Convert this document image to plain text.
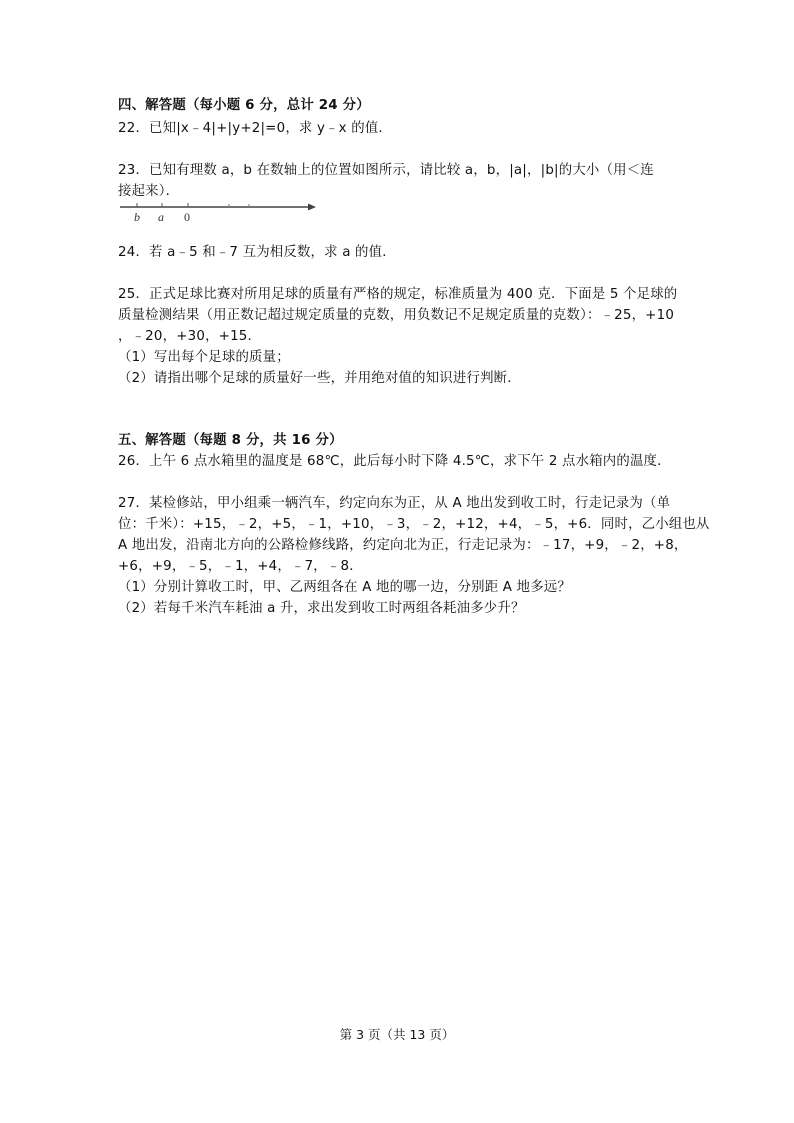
四、解答题（每小题 6 分，总计 24 分）
22．已知|x﹣4|+|y+2|=0，求 y﹣x 的值．
23．已知有理数 a，b 在数轴上的位置如图所示，请比较 a，b，|a|，|b|的大小（用＜连
接起来）．
b a 0
24．若 a﹣5 和﹣7 互为相反数，求 a 的值．
25．正式足球比赛对所用足球的质量有严格的规定，标准质量为 400 克．下面是 5 个足球的
质量检测结果（用正数记超过规定质量的克数，用负数记不足规定质量的克数）：﹣25，+10
，﹣20，+30，+15．
（1）写出每个足球的质量；
（2）请指出哪个足球的质量好一些，并用绝对值的知识进行判断．
五、解答题（每题 8 分，共 16 分）
26．上午 6 点水箱里的温度是 68℃，此后每小时下降 4.5℃，求下午 2 点水箱内的温度．
27．某检修站，甲小组乘一辆汽车，约定向东为正，从 A 地出发到收工时，行走记录为（单
位：千米）：+15，﹣2，+5，﹣1，+10，﹣3，﹣2，+12，+4，﹣5，+6．同时，乙小组也从
A 地出发，沿南北方向的公路检修线路，约定向北为正，行走记录为：﹣17，+9，﹣2，+8，
+6，+9，﹣5，﹣1，+4，﹣7，﹣8．
（1）分别计算收工时，甲、乙两组各在 A 地的哪一边，分别距 A 地多远？
（2）若每千米汽车耗油 a 升，求出发到收工时两组各耗油多少升？
第 3 页（共 13 页）
